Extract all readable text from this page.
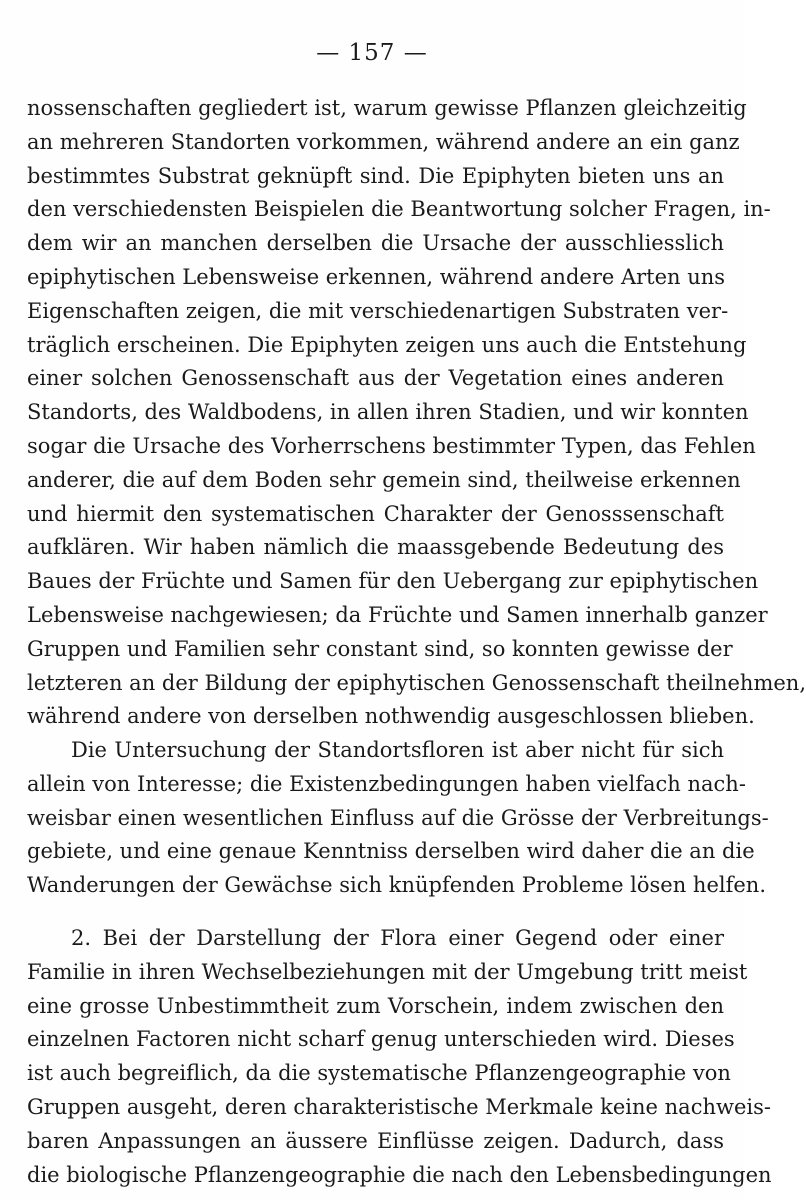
— 157 —
nossenschaften gegliedert ist, warum gewisse Pflanzen gleichzeitig
an mehreren Standorten vorkommen, während andere an ein ganz
bestimmtes Substrat geknüpft sind. Die Epiphyten bieten uns an
den verschiedensten Beispielen die Beantwortung solcher Fragen, in-
dem wir an manchen derselben die Ursache der ausschliesslich
epiphytischen Lebensweise erkennen, während andere Arten uns
Eigenschaften zeigen, die mit verschiedenartigen Substraten ver-
träglich erscheinen. Die Epiphyten zeigen uns auch die Entstehung
einer solchen Genossenschaft aus der Vegetation eines anderen
Standorts, des Waldbodens, in allen ihren Stadien, und wir konnten
sogar die Ursache des Vorherrschens bestimmter Typen, das Fehlen
anderer, die auf dem Boden sehr gemein sind, theilweise erkennen
und hiermit den systematischen Charakter der Genosssenschaft
aufklären. Wir haben nämlich die maassgebende Bedeutung des
Baues der Früchte und Samen für den Uebergang zur epiphytischen
Lebensweise nachgewiesen; da Früchte und Samen innerhalb ganzer
Gruppen und Familien sehr constant sind, so konnten gewisse der
letzteren an der Bildung der epiphytischen Genossenschaft theilnehmen,
während andere von derselben nothwendig ausgeschlossen blieben.
Die Untersuchung der Standortsfloren ist aber nicht für sich
allein von Interesse; die Existenzbedingungen haben vielfach nach-
weisbar einen wesentlichen Einfluss auf die Grösse der Verbreitungs-
gebiete, und eine genaue Kenntniss derselben wird daher die an die
Wanderungen der Gewächse sich knüpfenden Probleme lösen helfen.
2. Bei der Darstellung der Flora einer Gegend oder einer
Familie in ihren Wechselbeziehungen mit der Umgebung tritt meist
eine grosse Unbestimmtheit zum Vorschein, indem zwischen den
einzelnen Factoren nicht scharf genug unterschieden wird. Dieses
ist auch begreiflich, da die systematische Pflanzengeographie von
Gruppen ausgeht, deren charakteristische Merkmale keine nachweis-
baren Anpassungen an äussere Einflüsse zeigen. Dadurch, dass
die biologische Pflanzengeographie die nach den Lebensbedingungen
